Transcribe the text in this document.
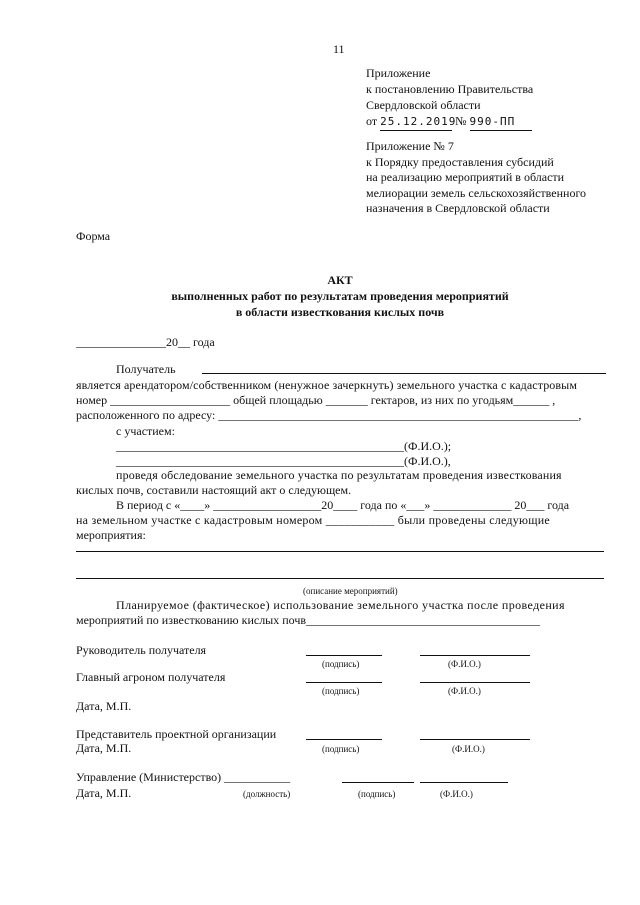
11
Приложение
к постановлению Правительства
Свердловской области
от 25.12.2019 № 990-ПП
Приложение № 7
к Порядку предоставления субсидий
на реализацию мероприятий в области
мелиорации земель сельскохозяйственного
назначения в Свердловской области
Форма
АКТ
выполненных работ по результатам проведения мероприятий
в области известкования кислых почв
_______________20__ года
Получатель
является арендатором/собственником (ненужное зачеркнуть) земельного участка с кадастровым
номер ____________________ общей площадью _______ гектаров, из них по угодьям______ ,
расположенного по адресу: ____________________________________________________________,
с участием:
________________________________________________(Ф.И.О.);
________________________________________________(Ф.И.О.),
проведя обследование земельного участка по результатам проведения известкования
кислых почв, составили настоящий акт о следующем.
В период с «____» __________________20____ года по «___» _____________ 20___ года
на земельном участке с кадастровым номером ___________ были проведены следующие
мероприятия:
(описание мероприятий)
Планируемое (фактическое) использование земельного участка после проведения
мероприятий по известкованию кислых почв_______________________________________
Руководитель получателя
(подпись)	(Ф.И.О.)
Главный агроном получателя
(подпись)	(Ф.И.О.)
Дата, М.П.
Представитель проектной организации
Дата, М.П.	(подпись)	(Ф.И.О.)
Управление (Министерство) ___________
Дата, М.П.	(должность)	(подпись)	(Ф.И.О.)
